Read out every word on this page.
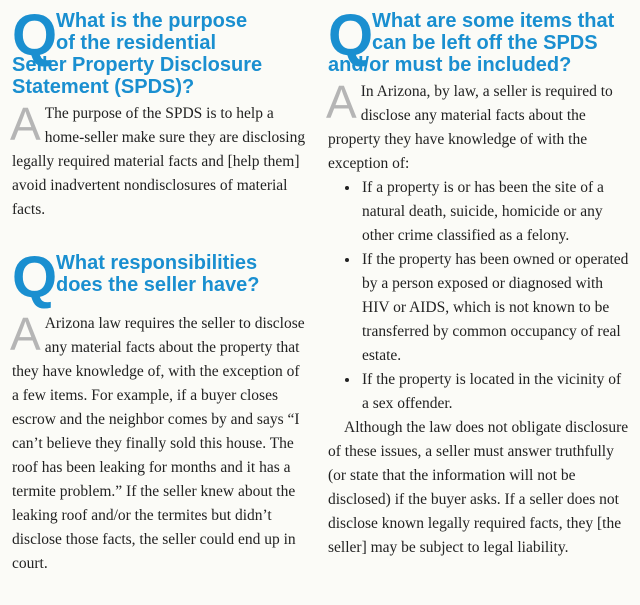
Q

What is the purpose

of the residential

Seller Property Disclosure Statement (SPDS)?

A The purpose of the SPDS is to help a home-seller make sure they are disclosing legally required material facts and [help them] avoid inadvertent nondisclosures of material facts.

Q

What responsibilities

does the seller have?

A Arizona law requires the seller to disclose any material facts about the property that they have knowledge of, with the exception of a few items. For example, if a buyer closes escrow and the neighbor comes by and says “I can’t believe they finally sold this house. The roof has been leaking for months and it has a termite problem.” If the seller knew about the leaking roof and/or the termites but didn’t disclose those facts, the seller could end up in court.

Q

What are some items that

can be left off the SPDS

and/or must be included?

A In Arizona, by law, a seller is required to disclose any material facts about the property they have knowledge of with the exception of:

• If a property is or has been the site of a natural death, suicide, homicide or any other crime classified as a felony.
• If the property has been owned or operated by a person exposed or diagnosed with HIV or AIDS, which is not known to be transferred by common occupancy of real estate.
• If the property is located in the vicinity of a sex offender.

Although the law does not obligate disclosure of these issues, a seller must answer truthfully (or state that the information will not be disclosed) if the buyer asks. If a seller does not disclose known legally required facts, they [the seller] may be subject to legal liability.
